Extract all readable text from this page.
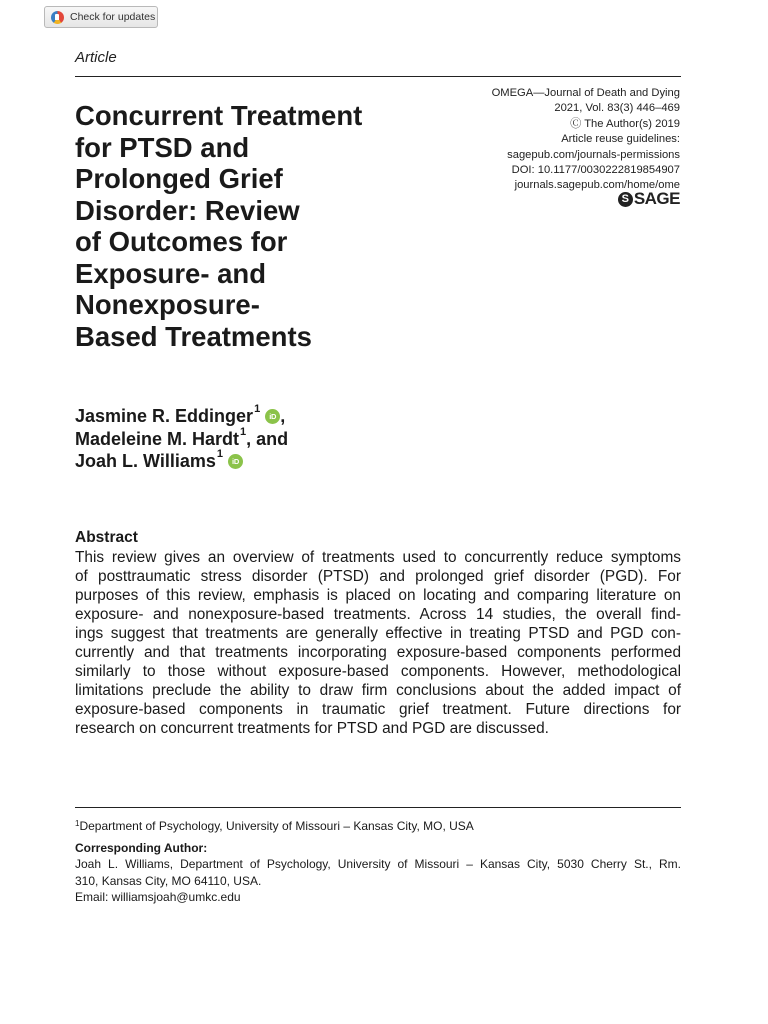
Check for updates
Article
OMEGA—Journal of Death and Dying
2021, Vol. 83(3) 446–469
Ⓒ The Author(s) 2019
Article reuse guidelines:
sagepub.com/journals-permissions
DOI: 10.1177/0030222819854907
journals.sagepub.com/home/ome
S SAGE
Concurrent Treatment
for PTSD and
Prolonged Grief
Disorder: Review
of Outcomes for
Exposure- and
Nonexposure-
Based Treatments
Jasmine R. Eddinger$^1$
iD ,
Madeleine M. Hardt$^1$ , and
Joah L. Williams$^1$
iD
Abstract
This review gives an overview of treatments used to concurrently reduce symptoms
of posttraumatic stress disorder (PTSD) and prolonged grief disorder (PGD). For
purposes of this review, emphasis is placed on locating and comparing literature on
exposure- and nonexposure-based treatments. Across 14 studies, the overall find-
ings suggest that treatments are generally effective in treating PTSD and PGD con-
currently and that treatments incorporating exposure-based components performed
similarly to those without exposure-based components. However, methodological
limitations preclude the ability to draw firm conclusions about the added impact of
exposure-based components in traumatic grief treatment. Future directions for
research on concurrent treatments for PTSD and PGD are discussed.
$^1$Department of Psychology, University of Missouri – Kansas City, MO, USA
Corresponding Author:
Joah L. Williams, Department of Psychology, University of Missouri – Kansas City, 5030 Cherry St., Rm.
310, Kansas City, MO 64110, USA.
Email: williamsjoah@umkc.edu
